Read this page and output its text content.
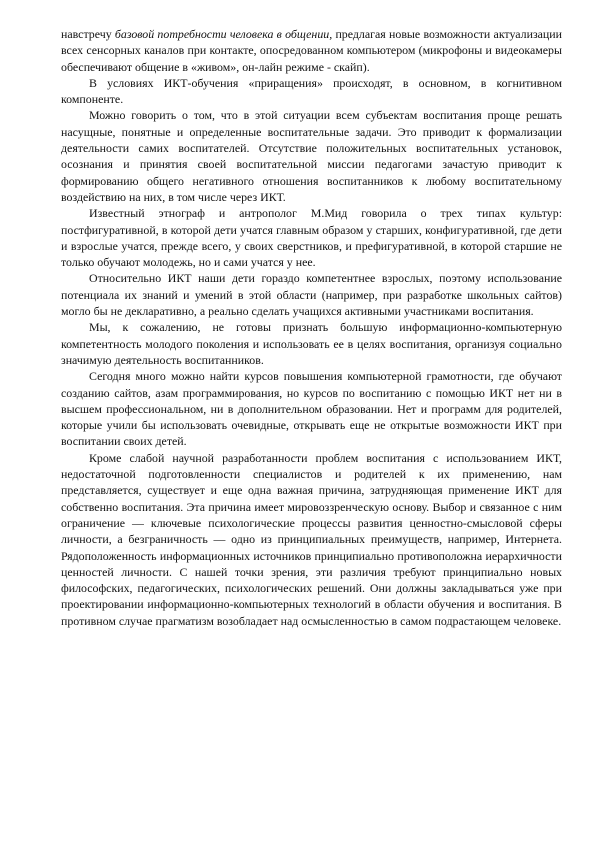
навстречу базовой потребности человека в общении, предлагая новые возможности актуализации всех сенсорных каналов при контакте, опосредованном компьютером (микрофоны и видеокамеры обеспечивают общение в «живом», он-лайн режиме - скайп).

В условиях ИКТ-обучения «приращения» происходят, в основном, в когнитивном компоненте.

Можно говорить о том, что в этой ситуации всем субъектам воспитания проще решать насущные, понятные и определенные воспитательные задачи. Это приводит к формализации деятельности самих воспитателей. Отсутствие положительных воспитательных установок, осознания и принятия своей воспитательной миссии педагогами зачастую приводит к формированию общего негативного отношения воспитанников к любому воспитательному воздействию на них, в том числе через ИКТ.

Известный этнограф и антрополог М.Мид говорила о трех типах культур: постфигуративной, в которой дети учатся главным образом у старших, конфигуративной, где дети и взрослые учатся, прежде всего, у своих сверстников, и префигуративной, в которой старшие не только обучают молодежь, но и сами учатся у нее.

Относительно ИКТ наши дети гораздо компетентнее взрослых, поэтому использование потенциала их знаний и умений в этой области (например, при разработке школьных сайтов) могло бы не декларативно, а реально сделать учащихся активными участниками воспитания.

Мы, к сожалению, не готовы признать большую информационно-компьютерную компетентность молодого поколения и использовать ее в целях воспитания, организуя социально значимую деятельность воспитанников.

Сегодня много можно найти курсов повышения компьютерной грамотности, где обучают созданию сайтов, азам программирования, но курсов по воспитанию с помощью ИКТ нет ни в высшем профессиональном, ни в дополнительном образовании. Нет и программ для родителей, которые учили бы использовать очевидные, открывать еще не открытые возможности ИКТ при воспитании своих детей.

Кроме слабой научной разработанности проблем воспитания с использованием ИКТ, недостаточной подготовленности специалистов и родителей к их применению, нам представляется, существует и еще одна важная причина, затрудняющая применение ИКТ для собственно воспитания. Эта причина имеет мировоззренческую основу. Выбор и связанное с ним ограничение — ключевые психологические процессы развития ценностно-смысловой сферы личности, а безграничность — одно из принципиальных преимуществ, например, Интернета. Рядоположенность информационных источников принципиально противоположна иерархичности ценностей личности. С нашей точки зрения, эти различия требуют принципиально новых философских, педагогических, психологических решений. Они должны закладываться уже при проектировании информационно-компьютерных технологий в области обучения и воспитания. В противном случае прагматизм возобладает над осмысленностью в самом подрастающем человеке.
